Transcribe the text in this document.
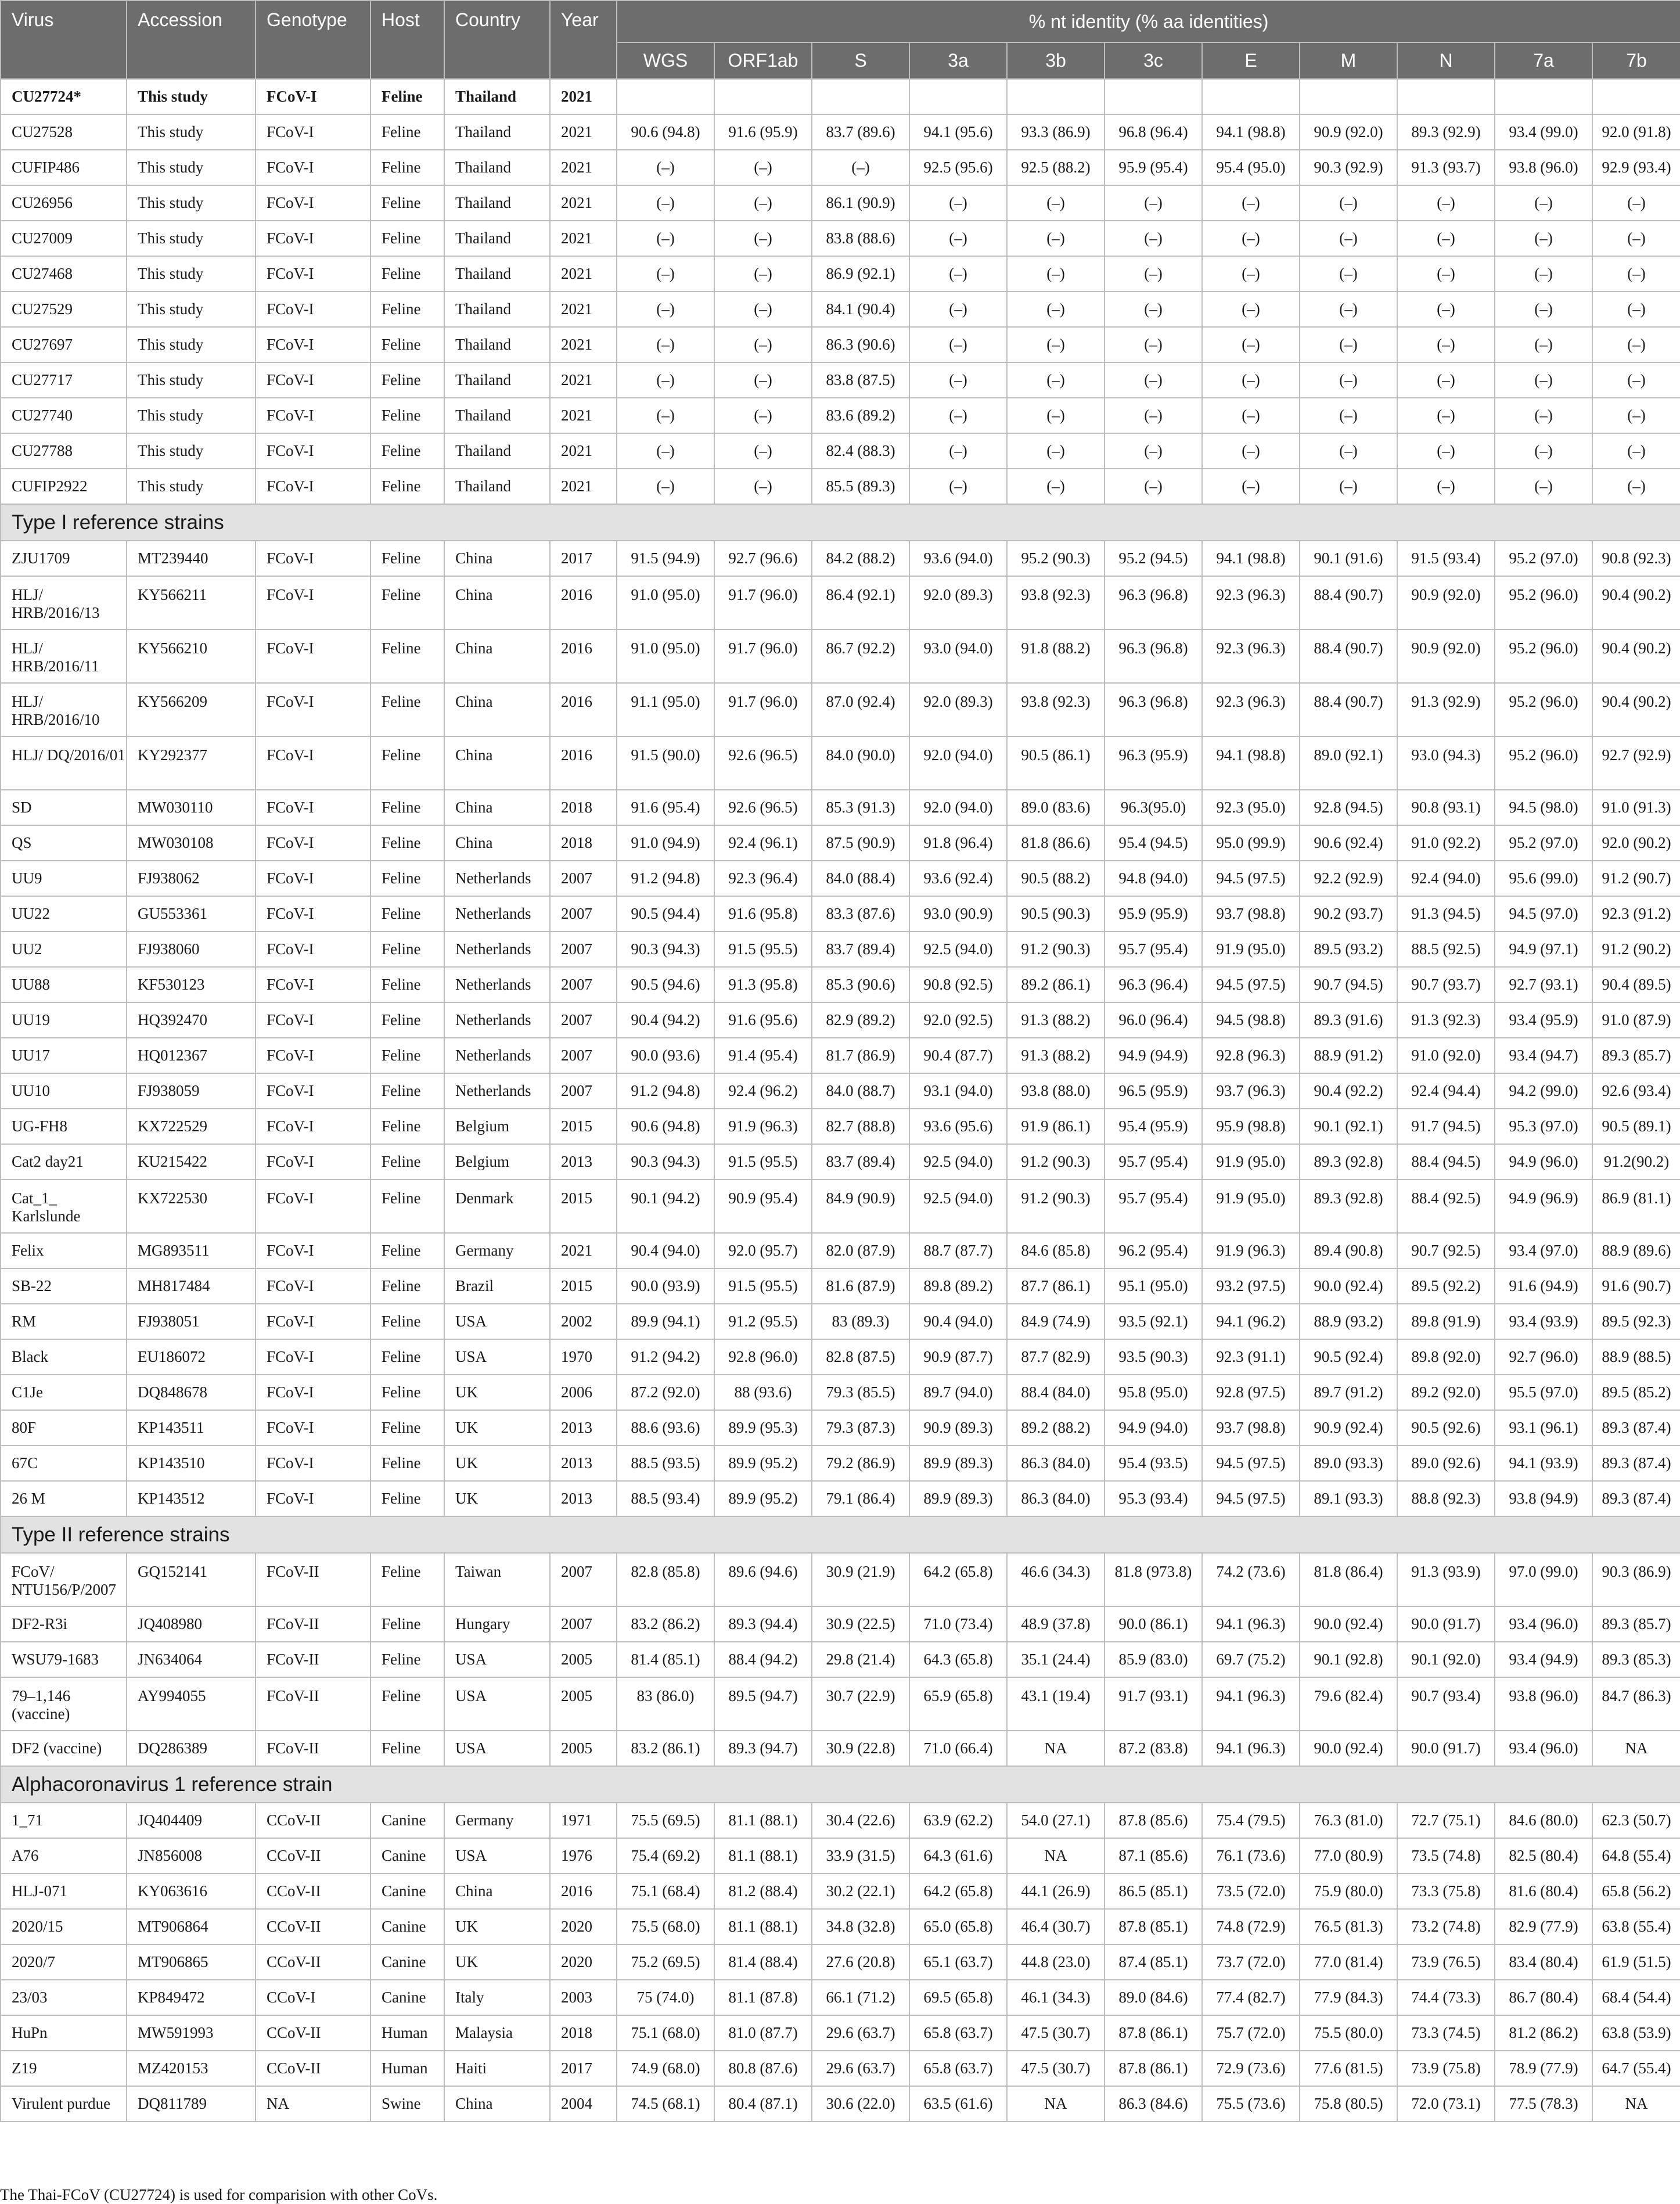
Virus	Accession	Genotype	Host	Country	Year	% nt identity (% aa identities)										
						WGS	ORF1ab	S	3a	3b	3c	E	M	N	7a	7b
CU27724*	This study	FCoV-I	Feline	Thailand	2021											
CU27528	This study	FCoV-I	Feline	Thailand	2021	90.6 (94.8)	91.6 (95.9)	83.7 (89.6)	94.1 (95.6)	93.3 (86.9)	96.8 (96.4)	94.1 (98.8)	90.9 (92.0)	89.3 (92.9)	93.4 (99.0)	92.0 (91.8)
CUFIP486	This study	FCoV-I	Feline	Thailand	2021	(–)	(–)	(–)	92.5 (95.6)	92.5 (88.2)	95.9 (95.4)	95.4 (95.0)	90.3 (92.9)	91.3 (93.7)	93.8 (96.0)	92.9 (93.4)
CU26956	This study	FCoV-I	Feline	Thailand	2021	(–)	(–)	86.1 (90.9)	(–)	(–)	(–)	(–)	(–)	(–)	(–)	(–)
CU27009	This study	FCoV-I	Feline	Thailand	2021	(–)	(–)	83.8 (88.6)	(–)	(–)	(–)	(–)	(–)	(–)	(–)	(–)
CU27468	This study	FCoV-I	Feline	Thailand	2021	(–)	(–)	86.9 (92.1)	(–)	(–)	(–)	(–)	(–)	(–)	(–)	(–)
CU27529	This study	FCoV-I	Feline	Thailand	2021	(–)	(–)	84.1 (90.4)	(–)	(–)	(–)	(–)	(–)	(–)	(–)	(–)
CU27697	This study	FCoV-I	Feline	Thailand	2021	(–)	(–)	86.3 (90.6)	(–)	(–)	(–)	(–)	(–)	(–)	(–)	(–)
CU27717	This study	FCoV-I	Feline	Thailand	2021	(–)	(–)	83.8 (87.5)	(–)	(–)	(–)	(–)	(–)	(–)	(–)	(–)
CU27740	This study	FCoV-I	Feline	Thailand	2021	(–)	(–)	83.6 (89.2)	(–)	(–)	(–)	(–)	(–)	(–)	(–)	(–)
CU27788	This study	FCoV-I	Feline	Thailand	2021	(–)	(–)	82.4 (88.3)	(–)	(–)	(–)	(–)	(–)	(–)	(–)	(–)
CUFIP2922	This study	FCoV-I	Feline	Thailand	2021	(–)	(–)	85.5 (89.3)	(–)	(–)	(–)	(–)	(–)	(–)	(–)	(–)
Type I reference strains																
ZJU1709	MT239440	FCoV-I	Feline	China	2017	91.5 (94.9)	92.7 (96.6)	84.2 (88.2)	93.6 (94.0)	95.2 (90.3)	95.2 (94.5)	94.1 (98.8)	90.1 (91.6)	91.5 (93.4)	95.2 (97.0)	90.8 (92.3)
HLJ/ HRB/2016/13	KY566211	FCoV-I	Feline	China	2016	91.0 (95.0)	91.7 (96.0)	86.4 (92.1)	92.0 (89.3)	93.8 (92.3)	96.3 (96.8)	92.3 (96.3)	88.4 (90.7)	90.9 (92.0)	95.2 (96.0)	90.4 (90.2)
HLJ/ HRB/2016/11	KY566210	FCoV-I	Feline	China	2016	91.0 (95.0)	91.7 (96.0)	86.7 (92.2)	93.0 (94.0)	91.8 (88.2)	96.3 (96.8)	92.3 (96.3)	88.4 (90.7)	90.9 (92.0)	95.2 (96.0)	90.4 (90.2)
HLJ/ HRB/2016/10	KY566209	FCoV-I	Feline	China	2016	91.1 (95.0)	91.7 (96.0)	87.0 (92.4)	92.0 (89.3)	93.8 (92.3)	96.3 (96.8)	92.3 (96.3)	88.4 (90.7)	91.3 (92.9)	95.2 (96.0)	90.4 (90.2)
HLJ/ DQ/2016/01	KY292377	FCoV-I	Feline	China	2016	91.5 (90.0)	92.6 (96.5)	84.0 (90.0)	92.0 (94.0)	90.5 (86.1)	96.3 (95.9)	94.1 (98.8)	89.0 (92.1)	93.0 (94.3)	95.2 (96.0)	92.7 (92.9)
SD	MW030110	FCoV-I	Feline	China	2018	91.6 (95.4)	92.6 (96.5)	85.3 (91.3)	92.0 (94.0)	89.0 (83.6)	96.3(95.0)	92.3 (95.0)	92.8 (94.5)	90.8 (93.1)	94.5 (98.0)	91.0 (91.3)
QS	MW030108	FCoV-I	Feline	China	2018	91.0 (94.9)	92.4 (96.1)	87.5 (90.9)	91.8 (96.4)	81.8 (86.6)	95.4 (94.5)	95.0 (99.9)	90.6 (92.4)	91.0 (92.2)	95.2 (97.0)	92.0 (90.2)
UU9	FJ938062	FCoV-I	Feline	Netherlands	2007	91.2 (94.8)	92.3 (96.4)	84.0 (88.4)	93.6 (92.4)	90.5 (88.2)	94.8 (94.0)	94.5 (97.5)	92.2 (92.9)	92.4 (94.0)	95.6 (99.0)	91.2 (90.7)
UU22	GU553361	FCoV-I	Feline	Netherlands	2007	90.5 (94.4)	91.6 (95.8)	83.3 (87.6)	93.0 (90.9)	90.5 (90.3)	95.9 (95.9)	93.7 (98.8)	90.2 (93.7)	91.3 (94.5)	94.5 (97.0)	92.3 (91.2)
UU2	FJ938060	FCoV-I	Feline	Netherlands	2007	90.3 (94.3)	91.5 (95.5)	83.7 (89.4)	92.5 (94.0)	91.2 (90.3)	95.7 (95.4)	91.9 (95.0)	89.5 (93.2)	88.5 (92.5)	94.9 (97.1)	91.2 (90.2)
UU88	KF530123	FCoV-I	Feline	Netherlands	2007	90.5 (94.6)	91.3 (95.8)	85.3 (90.6)	90.8 (92.5)	89.2 (86.1)	96.3 (96.4)	94.5 (97.5)	90.7 (94.5)	90.7 (93.7)	92.7 (93.1)	90.4 (89.5)
UU19	HQ392470	FCoV-I	Feline	Netherlands	2007	90.4 (94.2)	91.6 (95.6)	82.9 (89.2)	92.0 (92.5)	91.3 (88.2)	96.0 (96.4)	94.5 (98.8)	89.3 (91.6)	91.3 (92.3)	93.4 (95.9)	91.0 (87.9)
UU17	HQ012367	FCoV-I	Feline	Netherlands	2007	90.0 (93.6)	91.4 (95.4)	81.7 (86.9)	90.4 (87.7)	91.3 (88.2)	94.9 (94.9)	92.8 (96.3)	88.9 (91.2)	91.0 (92.0)	93.4 (94.7)	89.3 (85.7)
UU10	FJ938059	FCoV-I	Feline	Netherlands	2007	91.2 (94.8)	92.4 (96.2)	84.0 (88.7)	93.1 (94.0)	93.8 (88.0)	96.5 (95.9)	93.7 (96.3)	90.4 (92.2)	92.4 (94.4)	94.2 (99.0)	92.6 (93.4)
UG-FH8	KX722529	FCoV-I	Feline	Belgium	2015	90.6 (94.8)	91.9 (96.3)	82.7 (88.8)	93.6 (95.6)	91.9 (86.1)	95.4 (95.9)	95.9 (98.8)	90.1 (92.1)	91.7 (94.5)	95.3 (97.0)	90.5 (89.1)
Cat2 day21	KU215422	FCoV-I	Feline	Belgium	2013	90.3 (94.3)	91.5 (95.5)	83.7 (89.4)	92.5 (94.0)	91.2 (90.3)	95.7 (95.4)	91.9 (95.0)	89.3 (92.8)	88.4 (94.5)	94.9 (96.0)	91.2(90.2)
Cat_1_ Karlslunde	KX722530	FCoV-I	Feline	Denmark	2015	90.1 (94.2)	90.9 (95.4)	84.9 (90.9)	92.5 (94.0)	91.2 (90.3)	95.7 (95.4)	91.9 (95.0)	89.3 (92.8)	88.4 (92.5)	94.9 (96.9)	86.9 (81.1)
Felix	MG893511	FCoV-I	Feline	Germany	2021	90.4 (94.0)	92.0 (95.7)	82.0 (87.9)	88.7 (87.7)	84.6 (85.8)	96.2 (95.4)	91.9 (96.3)	89.4 (90.8)	90.7 (92.5)	93.4 (97.0)	88.9 (89.6)
SB-22	MH817484	FCoV-I	Feline	Brazil	2015	90.0 (93.9)	91.5 (95.5)	81.6 (87.9)	89.8 (89.2)	87.7 (86.1)	95.1 (95.0)	93.2 (97.5)	90.0 (92.4)	89.5 (92.2)	91.6 (94.9)	91.6 (90.7)
RM	FJ938051	FCoV-I	Feline	USA	2002	89.9 (94.1)	91.2 (95.5)	83 (89.3)	90.4 (94.0)	84.9 (74.9)	93.5 (92.1)	94.1 (96.2)	88.9 (93.2)	89.8 (91.9)	93.4 (93.9)	89.5 (92.3)
Black	EU186072	FCoV-I	Feline	USA	1970	91.2 (94.2)	92.8 (96.0)	82.8 (87.5)	90.9 (87.7)	87.7 (82.9)	93.5 (90.3)	92.3 (91.1)	90.5 (92.4)	89.8 (92.0)	92.7 (96.0)	88.9 (88.5)
C1Je	DQ848678	FCoV-I	Feline	UK	2006	87.2 (92.0)	88 (93.6)	79.3 (85.5)	89.7 (94.0)	88.4 (84.0)	95.8 (95.0)	92.8 (97.5)	89.7 (91.2)	89.2 (92.0)	95.5 (97.0)	89.5 (85.2)
80F	KP143511	FCoV-I	Feline	UK	2013	88.6 (93.6)	89.9 (95.3)	79.3 (87.3)	90.9 (89.3)	89.2 (88.2)	94.9 (94.0)	93.7 (98.8)	90.9 (92.4)	90.5 (92.6)	93.1 (96.1)	89.3 (87.4)
67C	KP143510	FCoV-I	Feline	UK	2013	88.5 (93.5)	89.9 (95.2)	79.2 (86.9)	89.9 (89.3)	86.3 (84.0)	95.4 (93.5)	94.5 (97.5)	89.0 (93.3)	89.0 (92.6)	94.1 (93.9)	89.3 (87.4)
26 M	KP143512	FCoV-I	Feline	UK	2013	88.5 (93.4)	89.9 (95.2)	79.1 (86.4)	89.9 (89.3)	86.3 (84.0)	95.3 (93.4)	94.5 (97.5)	89.1 (93.3)	88.8 (92.3)	93.8 (94.9)	89.3 (87.4)
Type II reference strains																
FCoV/ NTU156/P/2007	GQ152141	FCoV-II	Feline	Taiwan	2007	82.8 (85.8)	89.6 (94.6)	30.9 (21.9)	64.2 (65.8)	46.6 (34.3)	81.8 (973.8)	74.2 (73.6)	81.8 (86.4)	91.3 (93.9)	97.0 (99.0)	90.3 (86.9)
DF2-R3i	JQ408980	FCoV-II	Feline	Hungary	2007	83.2 (86.2)	89.3 (94.4)	30.9 (22.5)	71.0 (73.4)	48.9 (37.8)	90.0 (86.1)	94.1 (96.3)	90.0 (92.4)	90.0 (91.7)	93.4 (96.0)	89.3 (85.7)
WSU79-1683	JN634064	FCoV-II	Feline	USA	2005	81.4 (85.1)	88.4 (94.2)	29.8 (21.4)	64.3 (65.8)	35.1 (24.4)	85.9 (83.0)	69.7 (75.2)	90.1 (92.8)	90.1 (92.0)	93.4 (94.9)	89.3 (85.3)
79–1,146 (vaccine)	AY994055	FCoV-II	Feline	USA	2005	83 (86.0)	89.5 (94.7)	30.7 (22.9)	65.9 (65.8)	43.1 (19.4)	91.7 (93.1)	94.1 (96.3)	79.6 (82.4)	90.7 (93.4)	93.8 (96.0)	84.7 (86.3)
DF2 (vaccine)	DQ286389	FCoV-II	Feline	USA	2005	83.2 (86.1)	89.3 (94.7)	30.9 (22.8)	71.0 (66.4)	NA	87.2 (83.8)	94.1 (96.3)	90.0 (92.4)	90.0 (91.7)	93.4 (96.0)	NA
Alphacoronavirus 1 reference strain																
1_71	JQ404409	CCoV-II	Canine	Germany	1971	75.5 (69.5)	81.1 (88.1)	30.4 (22.6)	63.9 (62.2)	54.0 (27.1)	87.8 (85.6)	75.4 (79.5)	76.3 (81.0)	72.7 (75.1)	84.6 (80.0)	62.3 (50.7)
A76	JN856008	CCoV-II	Canine	USA	1976	75.4 (69.2)	81.1 (88.1)	33.9 (31.5)	64.3 (61.6)	NA	87.1 (85.6)	76.1 (73.6)	77.0 (80.9)	73.5 (74.8)	82.5 (80.4)	64.8 (55.4)
HLJ-071	KY063616	CCoV-II	Canine	China	2016	75.1 (68.4)	81.2 (88.4)	30.2 (22.1)	64.2 (65.8)	44.1 (26.9)	86.5 (85.1)	73.5 (72.0)	75.9 (80.0)	73.3 (75.8)	81.6 (80.4)	65.8 (56.2)
2020/15	MT906864	CCoV-II	Canine	UK	2020	75.5 (68.0)	81.1 (88.1)	34.8 (32.8)	65.0 (65.8)	46.4 (30.7)	87.8 (85.1)	74.8 (72.9)	76.5 (81.3)	73.2 (74.8)	82.9 (77.9)	63.8 (55.4)
2020/7	MT906865	CCoV-II	Canine	UK	2020	75.2 (69.5)	81.4 (88.4)	27.6 (20.8)	65.1 (63.7)	44.8 (23.0)	87.4 (85.1)	73.7 (72.0)	77.0 (81.4)	73.9 (76.5)	83.4 (80.4)	61.9 (51.5)
23/03	KP849472	CCoV-I	Canine	Italy	2003	75 (74.0)	81.1 (87.8)	66.1 (71.2)	69.5 (65.8)	46.1 (34.3)	89.0 (84.6)	77.4 (82.7)	77.9 (84.3)	74.4 (73.3)	86.7 (80.4)	68.4 (54.4)
HuPn	MW591993	CCoV-II	Human	Malaysia	2018	75.1 (68.0)	81.0 (87.7)	29.6 (63.7)	65.8 (63.7)	47.5 (30.7)	87.8 (86.1)	75.7 (72.0)	75.5 (80.0)	73.3 (74.5)	81.2 (86.2)	63.8 (53.9)
Z19	MZ420153	CCoV-II	Human	Haiti	2017	74.9 (68.0)	80.8 (87.6)	29.6 (63.7)	65.8 (63.7)	47.5 (30.7)	87.8 (86.1)	72.9 (73.6)	77.6 (81.5)	73.9 (75.8)	78.9 (77.9)	64.7 (55.4)
Virulent purdue	DQ811789	NA	Swine	China	2004	74.5 (68.1)	80.4 (87.1)	30.6 (22.0)	63.5 (61.6)	NA	86.3 (84.6)	75.5 (73.6)	75.8 (80.5)	72.0 (73.1)	77.5 (78.3)	NA
The Thai-FCoV (CU27724) is used for comparision with other CoVs.
